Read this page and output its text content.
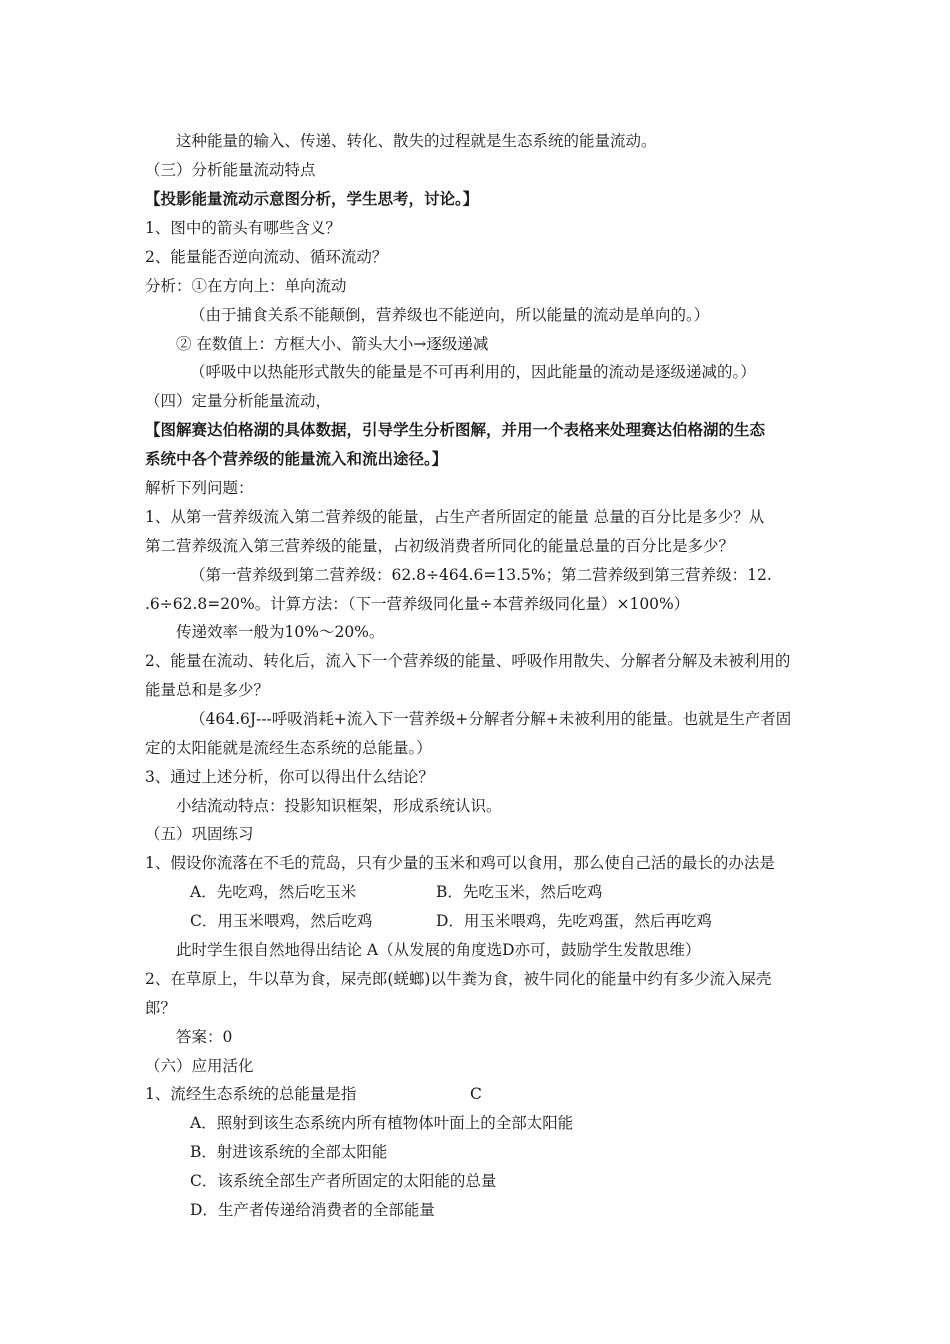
这种能量的输入、传递、转化、散失的过程就是生态系统的能量流动。
（三）分析能量流动特点
【投影能量流动示意图分析，学生思考，讨论。】
1、图中的箭头有哪些含义？
2、能量能否逆向流动、循环流动？
分析：①在方向上：单向流动
（由于捕食关系不能颠倒，营养级也不能逆向，所以能量的流动是单向的。）
② 在数值上：方框大小、箭头大小→逐级递减
（呼吸中以热能形式散失的能量是不可再利用的，因此能量的流动是逐级递减的。）
（四）定量分析能量流动，
【图解赛达伯格湖的具体数据，引导学生分析图解，并用一个表格来处理赛达伯格湖的生态
系统中各个营养级的能量流入和流出途径。】
解析下列问题：
1、从第一营养级流入第二营养级的能量，占生产者所固定的能量 总量的百分比是多少？从
第二营养级流入第三营养级的能量，占初级消费者所同化的能量总量的百分比是多少？
（第一营养级到第二营养级：62.8÷464.6=13.5%；第二营养级到第三营养级：12.
.6÷62.8=20%。计算方法：（下一营养级同化量÷本营养级同化量）×100%）
传递效率一般为10%～20%。
2、能量在流动、转化后，流入下一个营养级的能量、呼吸作用散失、分解者分解及未被利用的
能量总和是多少？
（464.6J---呼吸消耗+流入下一营养级+分解者分解+未被利用的能量。也就是生产者固
定的太阳能就是流经生态系统的总能量。）
3、通过上述分析，你可以得出什么结论？
小结流动特点：投影知识框架，形成系统认识。
（五）巩固练习
1、假设你流落在不毛的荒岛，只有少量的玉米和鸡可以食用，那么使自己活的最长的办法是
A．先吃鸡，然后吃玉米	B．先吃玉米，然后吃鸡
C．用玉米喂鸡，然后吃鸡	D．用玉米喂鸡，先吃鸡蛋，然后再吃鸡
此时学生很自然地得出结论 A（从发展的角度选D亦可，鼓励学生发散思维）
2、在草原上，牛以草为食，屎壳郎(蜣螂)以牛粪为食，被牛同化的能量中约有多少流入屎壳
郎？
答案：0
（六）应用活化
1、流经生态系统的总能量是指	C
A．照射到该生态系统内所有植物体叶面上的全部太阳能
B．射进该系统的全部太阳能
C．该系统全部生产者所固定的太阳能的总量
D．生产者传递给消费者的全部能量
